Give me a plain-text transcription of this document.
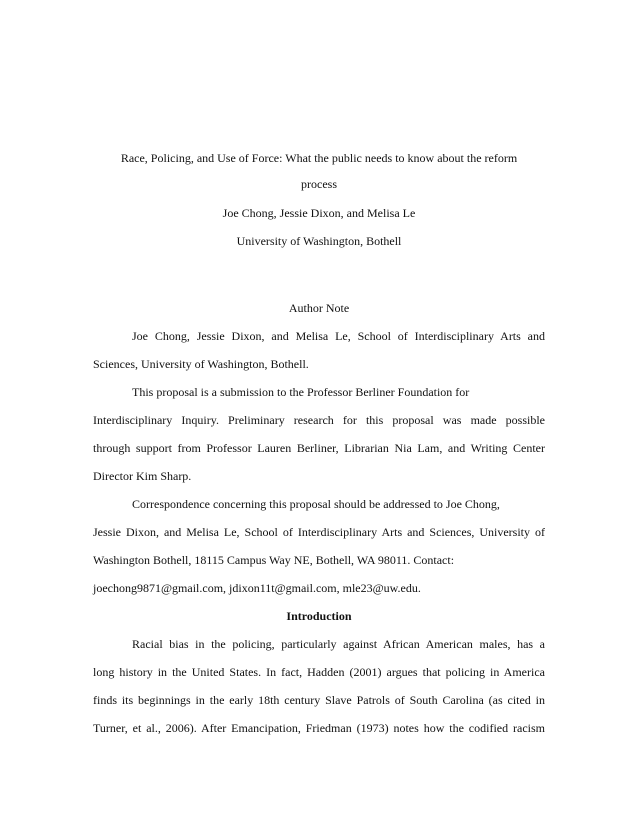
Race, Policing, and Use of Force: What the public needs to know about the reform
process
Joe Chong, Jessie Dixon, and Melisa Le
University of Washington, Bothell
Author Note
Joe Chong, Jessie Dixon, and Melisa Le, School of Interdisciplinary Arts and
Sciences, University of Washington, Bothell.
This proposal is a submission to the Professor Berliner Foundation for
Interdisciplinary Inquiry. Preliminary research for this proposal was made possible
through support from Professor Lauren Berliner, Librarian Nia Lam, and Writing Center
Director Kim Sharp.
Correspondence concerning this proposal should be addressed to Joe Chong,
Jessie Dixon, and Melisa Le, School of Interdisciplinary Arts and Sciences, University of
Washington Bothell, 18115 Campus Way NE, Bothell, WA 98011. Contact:
joechong9871@gmail.com, jdixon11t@gmail.com, mle23@uw.edu.
Introduction
Racial bias in the policing, particularly against African American males, has a
long history in the United States. In fact, Hadden (2001) argues that policing in America
finds its beginnings in the early 18th century Slave Patrols of South Carolina (as cited in
Turner, et al., 2006). After Emancipation, Friedman (1973) notes how the codified racism
